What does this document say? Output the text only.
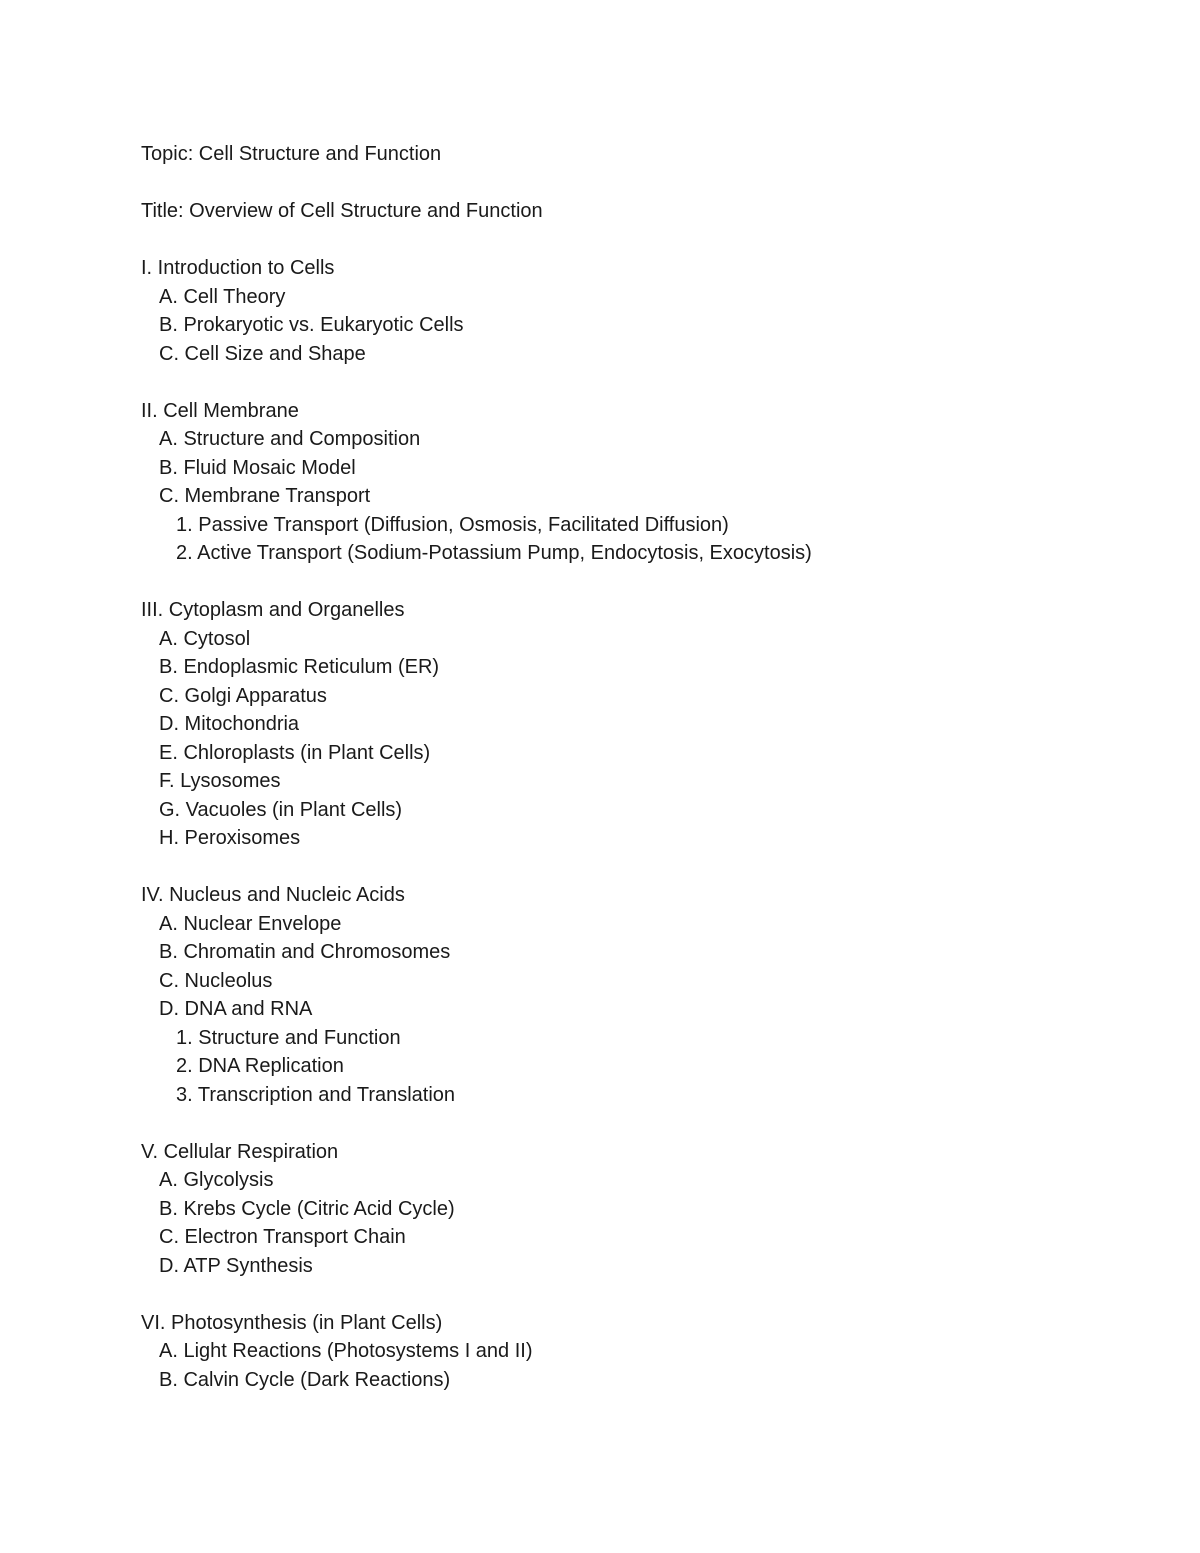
Topic: Cell Structure and Function
Title: Overview of Cell Structure and Function
I. Introduction to Cells
A. Cell Theory
B. Prokaryotic vs. Eukaryotic Cells
C. Cell Size and Shape
II. Cell Membrane
A. Structure and Composition
B. Fluid Mosaic Model
C. Membrane Transport
1. Passive Transport (Diffusion, Osmosis, Facilitated Diffusion)
2. Active Transport (Sodium-Potassium Pump, Endocytosis, Exocytosis)
III. Cytoplasm and Organelles
A. Cytosol
B. Endoplasmic Reticulum (ER)
C. Golgi Apparatus
D. Mitochondria
E. Chloroplasts (in Plant Cells)
F. Lysosomes
G. Vacuoles (in Plant Cells)
H. Peroxisomes
IV. Nucleus and Nucleic Acids
A. Nuclear Envelope
B. Chromatin and Chromosomes
C. Nucleolus
D. DNA and RNA
1. Structure and Function
2. DNA Replication
3. Transcription and Translation
V. Cellular Respiration
A. Glycolysis
B. Krebs Cycle (Citric Acid Cycle)
C. Electron Transport Chain
D. ATP Synthesis
VI. Photosynthesis (in Plant Cells)
A. Light Reactions (Photosystems I and II)
B. Calvin Cycle (Dark Reactions)
